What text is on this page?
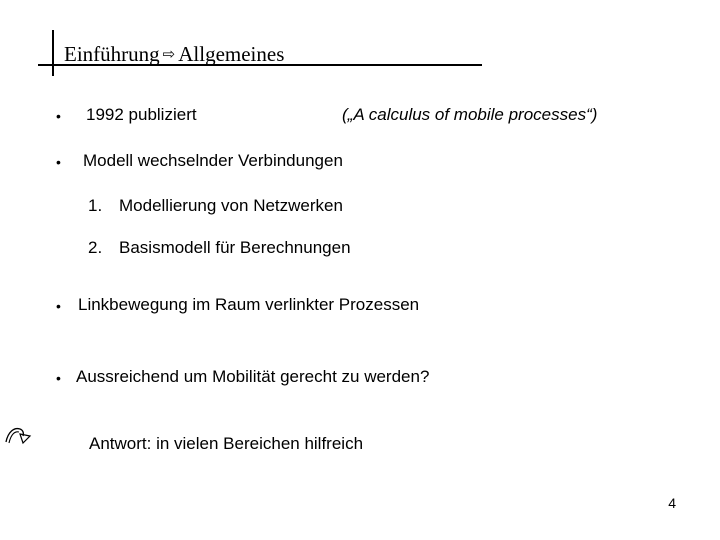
Einführung ⇨ Allgemeines
• 1992 publiziert	(„A calculus of mobile processes“)
• Modell wechselnder Verbindungen
1. Modellierung von Netzwerken
2. Basismodell für Berechnungen
• Linkbewegung im Raum verlinkter Prozessen
• Aussreichend um Mobilität gerecht zu werden?
Antwort: in vielen Bereichen hilfreich
4
